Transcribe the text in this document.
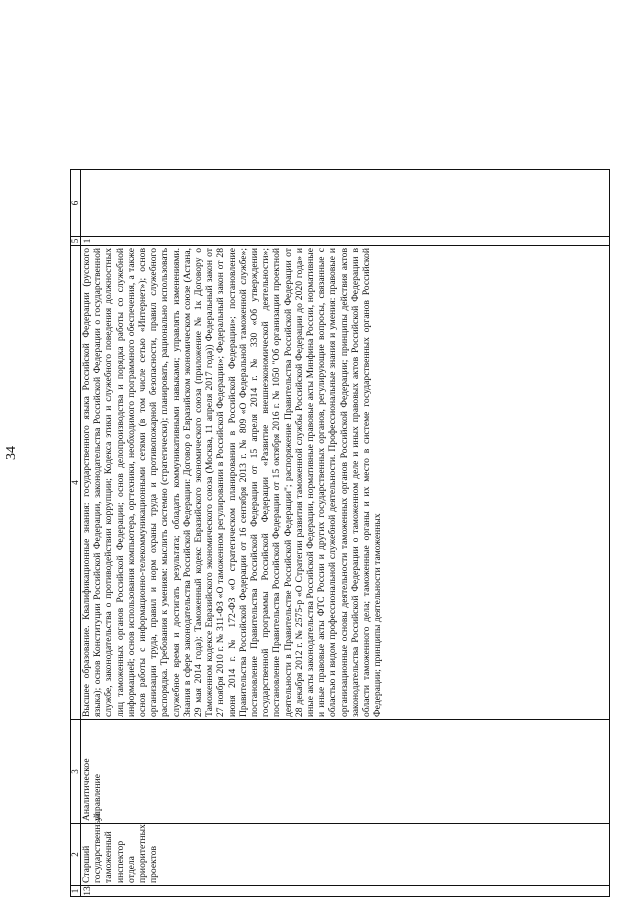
34
1	2	3	4	5	6
13	Старший государственный таможенный инспектор отдела приоритетных проектов	Аналитическое управление	Высшее образование. Квалификационные знания: государственного языка Российской Федерации (русского языка); основ Конституции Российской Федерации, законодательства Российской Федерации о государственной службе, законодательства о противодействии коррупции; Кодекса этики и служебного поведения должностных лиц таможенных органов Российской Федерации; основ делопроизводства и порядка работы со служебной информацией; основ использования компьютера, оргтехники, необходимого программного обеспечения, а также основ работы с информационно-телекоммуникационными сетями (в том числе сетью «Интернет»); основ организации труда, правил и норм охраны труда и противопожарной безопасности, правил служебного распорядка. Требования к умениям: мыслить системно (стратегически); планировать, рационально использовать служебное время и достигать результата; обладать коммуникативными навыками; управлять изменениями. Знания в сфере законодательства Российской Федерации: Договор о Евразийском экономическом союзе (Астана, 29 мая 2014 года); Таможенный кодекс Евразийского экономического союза (приложение № 1к Договору о Таможенном кодексе Евразийского экономического союза (Москва, 11 апреля 2017 года)) Федеральный закон от 27 ноября 2010 г. № 311-ФЗ «О таможенном регулировании в Российской Федерации»; Федеральный закон от 28 июня 2014 г. № 172-ФЗ «О стратегическом планировании в Российской Федерации»; постановление Правительства Российской Федерации от 16 сентября 2013 г. № 809 «О Федеральной таможенной службе»; постановление Правительства Российской Федерации от 15 апреля 2014 г. № 330 «Об утверждении государственной программы Российской Федерации «Развитие внешнеэкономической деятельности»; постановление Правительства Российской Федерации от 15 октября 2016 г. № 1050 "Об организации проектной деятельности в Правительстве Российской Федерации"; распоряжение Правительства Российской Федерации от 28 декабря 2012 г. № 2575-р «О Стратегии развития таможенной службы Российской Федерации до 2020 года» и иные акты законодательства Российской Федерации, нормативные правовые акты Минфина России, нормативные и иные правовые акты ФТС России и других государственных органов, регулирующие вопросы, связанные с областью и видом профессиональной служебной деятельности. Профессиональные знания и умения: правовые и организационные основы деятельности таможенных органов Российской Федерации; принципы действия актов законодательства Российской Федерации о таможенном деле и иных правовых актов Российской Федерации в области таможенного дела; таможенные органы и их место в системе государственных органов Российской Федерации; принципы деятельности таможенных	1	
